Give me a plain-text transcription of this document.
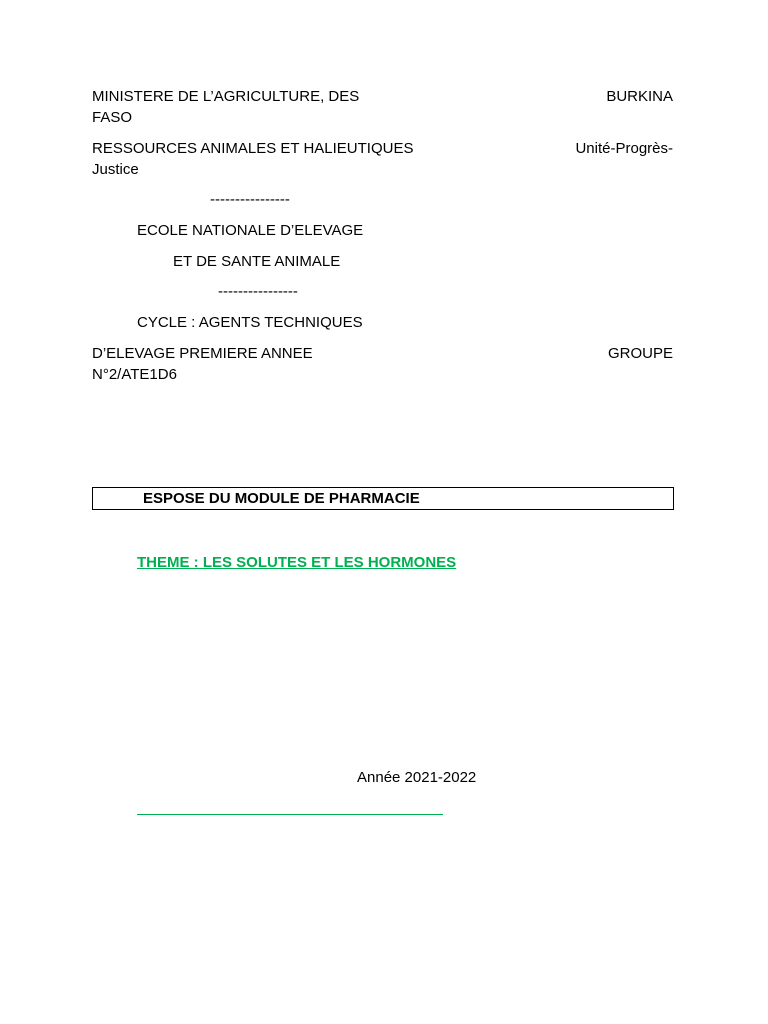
MINISTERE DE L’AGRICULTURE, DES	BURKINA
FASO
RESSOURCES ANIMALES ET HALIEUTIQUES	Unité-Progrès-
Justice
----------------
ECOLE NATIONALE D’ELEVAGE
ET DE SANTE ANIMALE
----------------
CYCLE : AGENTS TECHNIQUES
D’ELEVAGE PREMIERE ANNEE	GROUPE
N°2/ATE1D6
ESPOSE DU MODULE DE PHARMACIE
THEME : LES SOLUTES ET LES HORMONES
Année 2021-2022
